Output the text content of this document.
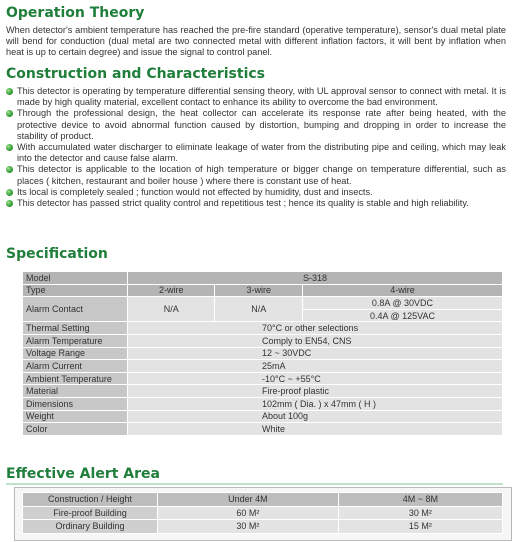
Operation Theory
When detector's ambient temperature has reached the pre-fire standard (operative temperature), sensor's dual metal plate will bend for conduction (dual metal are two connected metal with different inflation factors, it will bent by inflation when heat is up to certain degree) and issue the signal to control panel.
Construction and Characteristics
This detector is operating by temperature differential sensing theory, with UL approval sensor to connect with metal. It is made by high quality material, excellent contact to enhance its ability to overcome the bad environment.
Through the professional design, the heat collector can accelerate its response rate after being heated, with the protective device to avoid abnormal function caused by distortion, bumping and dropping in order to increase the stability of product.
With accumulated water discharger to eliminate leakage of water from the distributing pipe and ceiling, which may leak into the detector and cause false alarm.
This detector is applicable to the location of high temperature or bigger change on temperature differential, such as places ( kitchen, restaurant and boiler house ) where there is constant use of heat.
Its local is completely sealed ; function would not effected by humidity, dust and insects.
This detector has passed strict quality control and repetitious test ; hence its quality is stable and high reliability.
Specification
Model	S-318		
Type	2-wire	3-wire	4-wire
Alarm Contact	N/A	N/A	0.8A @ 30VDC
			0.4A @ 125VAC
Thermal Setting	70°C or other selections		
Alarm Temperature	Comply to EN54, CNS		
Voltage Range	12 ~ 30VDC		
Alarm Current	25mA		
Ambient Temperature	-10°C ~ +55°C		
Material	Fire-proof plastic		
Dimensions	102mm ( Dia. ) x 47mm ( H )		
Weight	About 100g		
Color	White		
Effective Alert Area
Construction / Height	Under 4M	4M ~ 8M
Fire-proof Building	60 M²	30 M²
Ordinary Building	30 M²	15 M²
